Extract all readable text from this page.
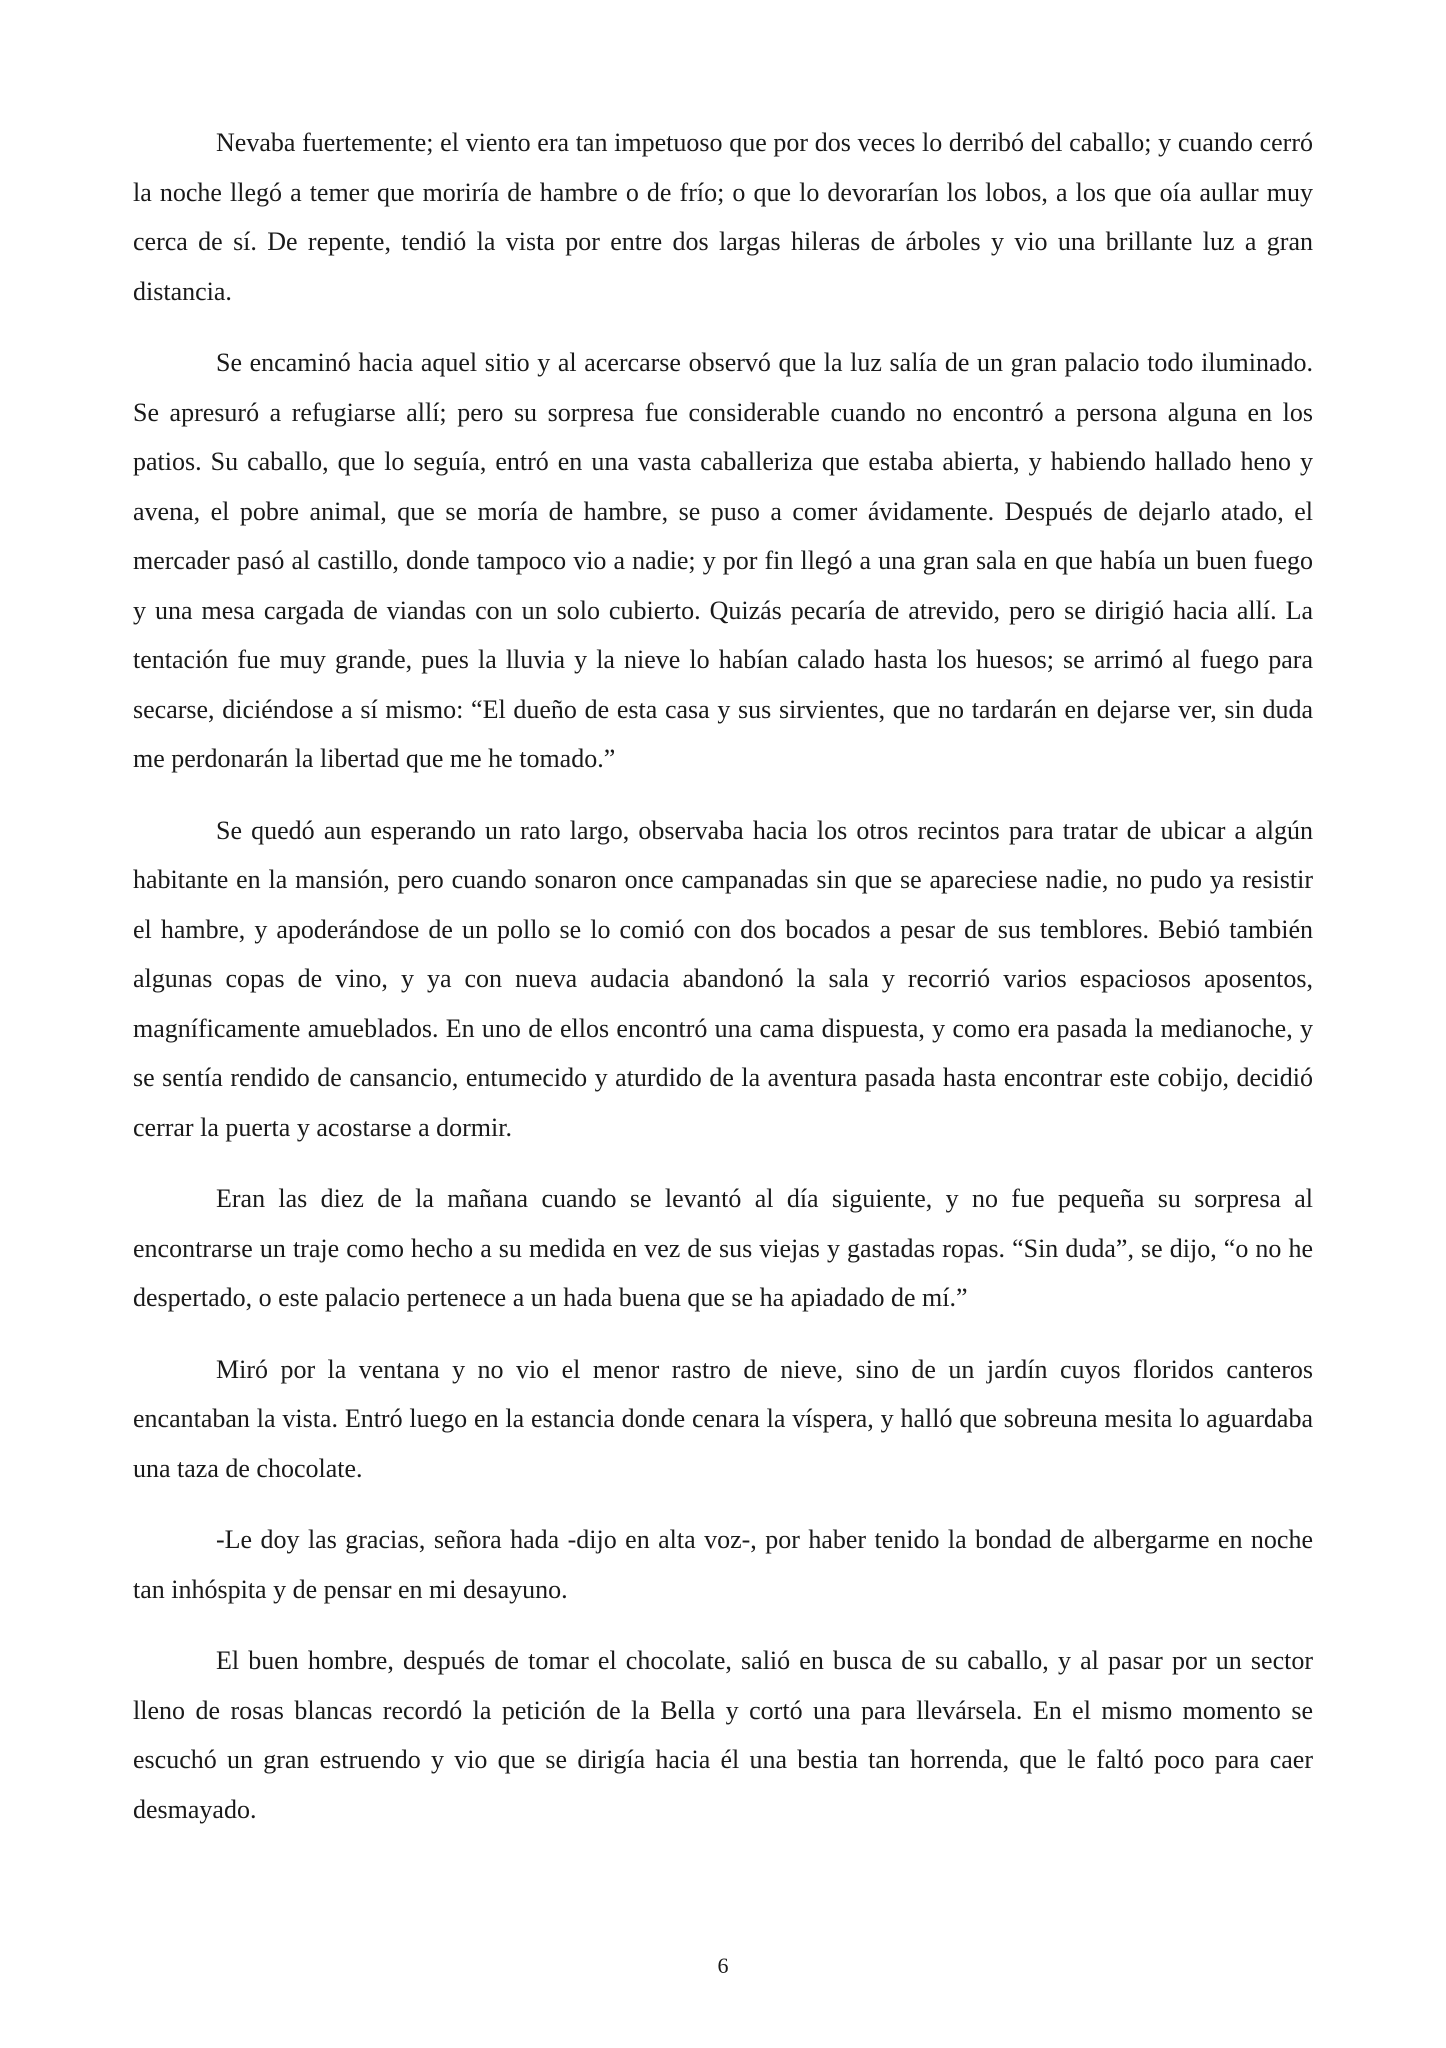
Nevaba fuertemente; el viento era tan impetuoso que por dos veces lo derribó del caballo; y cuando cerró la noche llegó a temer que moriría de hambre o de frío; o que lo devorarían los lobos, a los que oía aullar muy cerca de sí. De repente, tendió la vista por entre dos largas hileras de árboles y vio una brillante luz a gran distancia.

Se encaminó hacia aquel sitio y al acercarse observó que la luz salía de un gran palacio todo iluminado. Se apresuró a refugiarse allí; pero su sorpresa fue considerable cuando no encontró a persona alguna en los patios. Su caballo, que lo seguía, entró en una vasta caballeriza que estaba abierta, y habiendo hallado heno y avena, el pobre animal, que se moría de hambre, se puso a comer ávidamente. Después de dejarlo atado, el mercader pasó al castillo, donde tampoco vio a nadie; y por fin llegó a una gran sala en que había un buen fuego y una mesa cargada de viandas con un solo cubierto. Quizás pecaría de atrevido, pero se dirigió hacia allí. La tentación fue muy grande, pues la lluvia y la nieve lo habían calado hasta los huesos; se arrimó al fuego para secarse, diciéndose a sí mismo: “El dueño de esta casa y sus sirvientes, que no tardarán en dejarse ver, sin duda me perdonarán la libertad que me he tomado.”

Se quedó aun esperando un rato largo, observaba hacia los otros recintos para tratar de ubicar a algún habitante en la mansión, pero cuando sonaron once campanadas sin que se apareciese nadie, no pudo ya resistir el hambre, y apoderándose de un pollo se lo comió con dos bocados a pesar de sus temblores. Bebió también algunas copas de vino, y ya con nueva audacia abandonó la sala y recorrió varios espaciosos aposentos, magníficamente amueblados. En uno de ellos encontró una cama dispuesta, y como era pasada la medianoche, y se sentía rendido de cansancio, entumecido y aturdido de la aventura pasada hasta encontrar este cobijo, decidió cerrar la puerta y acostarse a dormir.

Eran las diez de la mañana cuando se levantó al día siguiente, y no fue pequeña su sorpresa al encontrarse un traje como hecho a su medida en vez de sus viejas y gastadas ropas. “Sin duda”, se dijo, “o no he despertado, o este palacio pertenece a un hada buena que se ha apiadado de mí.”

Miró por la ventana y no vio el menor rastro de nieve, sino de un jardín cuyos floridos canteros encantaban la vista. Entró luego en la estancia donde cenara la víspera, y halló que sobreuna mesita lo aguardaba una taza de chocolate.

-Le doy las gracias, señora hada -dijo en alta voz-, por haber tenido la bondad de albergarme en noche tan inhóspita y de pensar en mi desayuno.

El buen hombre, después de tomar el chocolate, salió en busca de su caballo, y al pasar por un sector lleno de rosas blancas recordó la petición de la Bella y cortó una para llevársela. En el mismo momento se escuchó un gran estruendo y vio que se dirigía hacia él una bestia tan horrenda, que le faltó poco para caer desmayado.

6
